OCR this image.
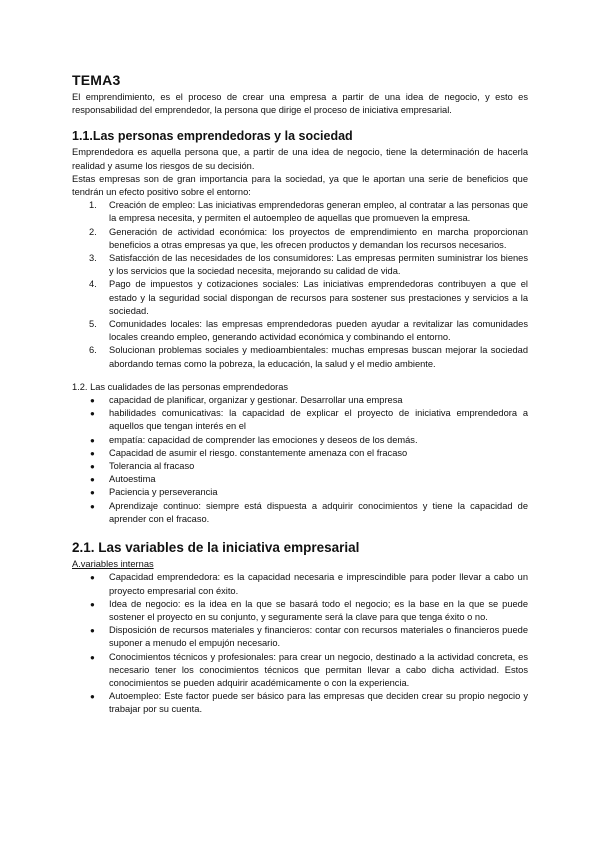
TEMA3

El emprendimiento, es el proceso de crear una empresa a partir de una idea de negocio, y esto es responsabilidad del emprendedor, la persona que dirige el proceso de iniciativa empresarial.

1.1.Las personas emprendedoras y la sociedad

Emprendedora es aquella persona que, a partir de una idea de negocio, tiene la determinación de hacerla realidad y asume los riesgos de su decisión.

Estas empresas son de gran importancia para la sociedad, ya que le aportan una serie de beneficios que tendrán un efecto positivo sobre el entorno:

1. Creación de empleo: Las iniciativas emprendedoras generan empleo, al contratar a las personas que la empresa necesita, y permiten el autoempleo de aquellas que promueven la empresa.
2. Generación de actividad económica: los proyectos de emprendimiento en marcha proporcionan beneficios a otras empresas ya que, les ofrecen productos y demandan los recursos necesarios.
3. Satisfacción de las necesidades de los consumidores: Las empresas permiten suministrar los bienes y los servicios que la sociedad necesita, mejorando su calidad de vida.
4. Pago de impuestos y cotizaciones sociales: Las iniciativas emprendedoras contribuyen a que el estado y la seguridad social dispongan de recursos para sostener sus prestaciones y servicios a la sociedad.
5. Comunidades locales: las empresas emprendedoras pueden ayudar a revitalizar las comunidades locales creando empleo, generando actividad económica y combinando el entorno.
6. Solucionan problemas sociales y medioambientales: muchas empresas buscan mejorar la sociedad abordando temas como la pobreza, la educación, la salud y el medio ambiente.
1.2. Las cualidades de las personas emprendedoras
● capacidad de planificar, organizar y gestionar. Desarrollar una empresa
● habilidades comunicativas: la capacidad de explicar el proyecto de iniciativa emprendedora a aquellos que tengan interés en el
● empatía: capacidad de comprender las emociones y deseos de los demás.
● Capacidad de asumir el riesgo. constantemente amenaza con el fracaso
● Tolerancia al fracaso
● Autoestima
● Paciencia y perseverancia
● Aprendizaje continuo: siempre está dispuesta a adquirir conocimientos y tiene la capacidad de aprender con el fracaso.
2.1. Las variables de la iniciativa empresarial
A.variables internas
● Capacidad emprendedora: es la capacidad necesaria e imprescindible para poder llevar a cabo un proyecto empresarial con éxito.
● Idea de negocio: es la idea en la que se basará todo el negocio; es la base en la que se puede sostener el proyecto en su conjunto, y seguramente será la clave para que tenga éxito o no.
● Disposición de recursos materiales y financieros: contar con recursos materiales o financieros puede suponer a menudo el empujón necesario.
● Conocimientos técnicos y profesionales: para crear un negocio, destinado a la actividad concreta, es necesario tener los conocimientos técnicos que permitan llevar a cabo dicha actividad. Estos conocimientos se pueden adquirir académicamente o con la experiencia.
● Autoempleo: Este factor puede ser básico para las empresas que deciden crear su propio negocio y trabajar por su cuenta.
